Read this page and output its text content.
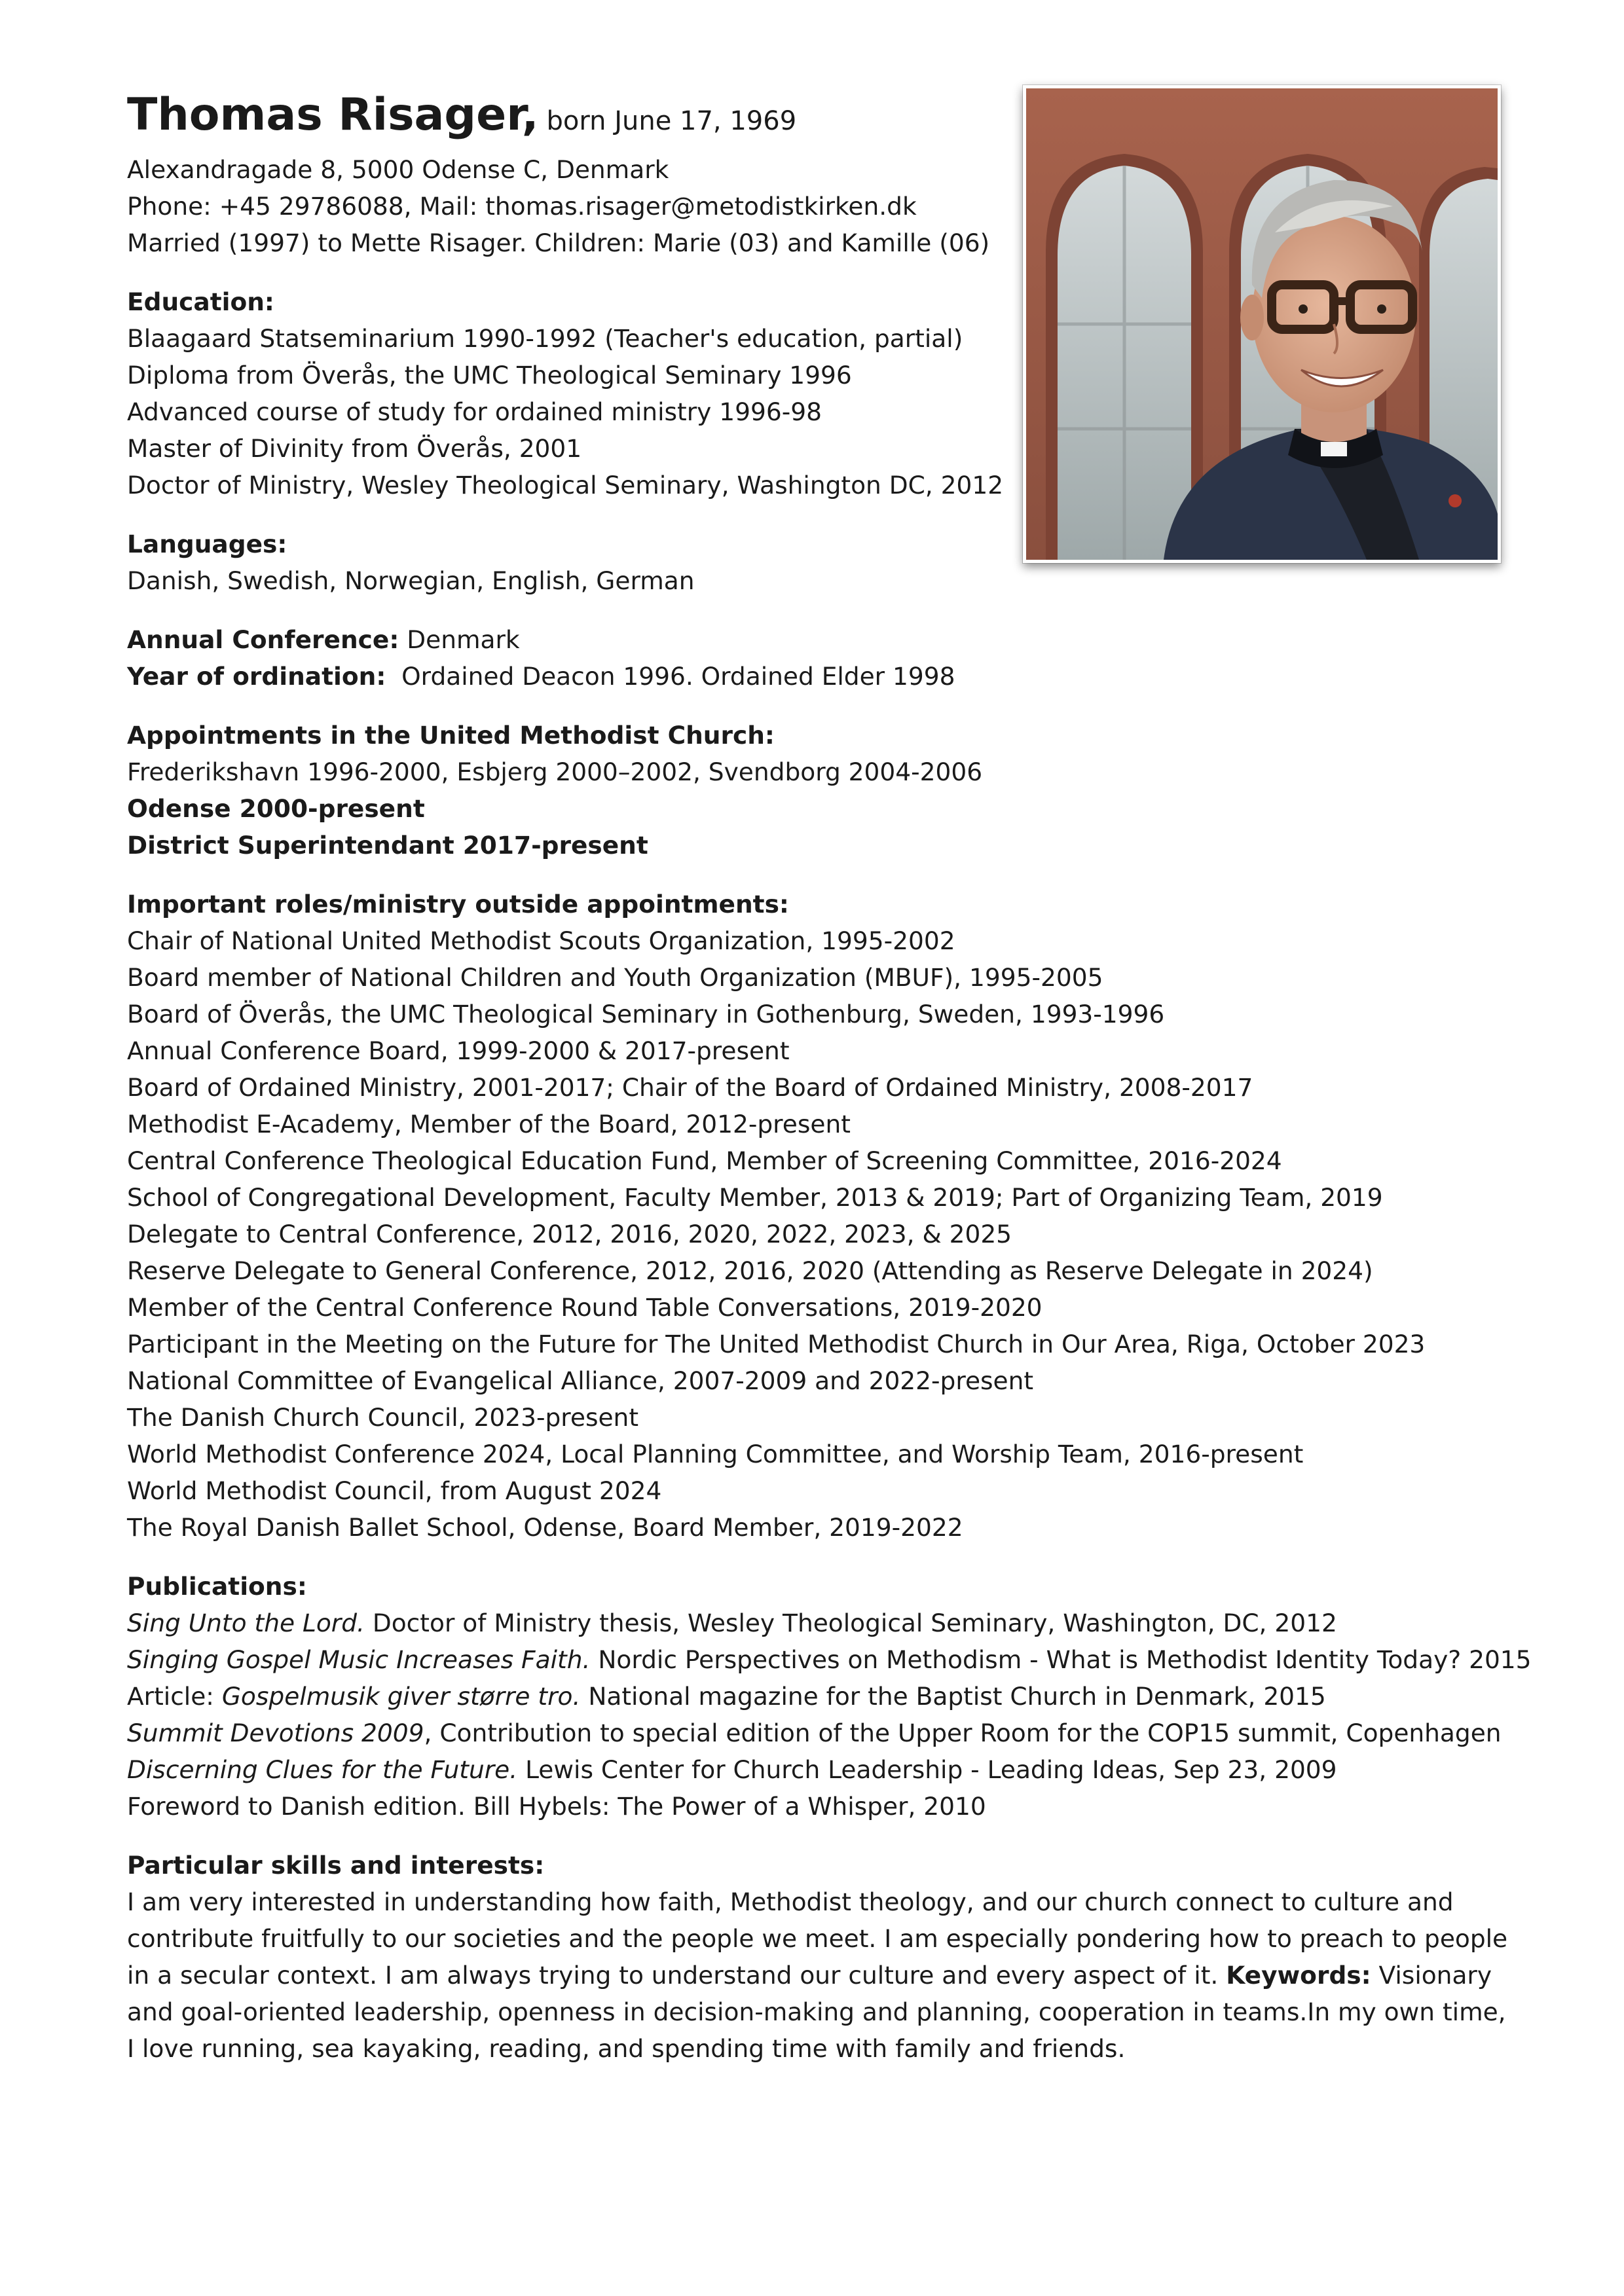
Thomas Risager, born June 17, 1969
Alexandragade 8, 5000 Odense C, Denmark
Phone: +45 29786088, Mail: thomas.risager@metodistkirken.dk
Married (1997) to Mette Risager. Children: Marie (03) and Kamille (06)
Education:
Blaagaard Statseminarium 1990-1992 (Teacher's education, partial)
Diploma from Överås, the UMC Theological Seminary 1996
Advanced course of study for ordained ministry 1996-98
Master of Divinity from Överås, 2001
Doctor of Ministry, Wesley Theological Seminary, Washington DC, 2012
Languages:
Danish, Swedish, Norwegian, English, German
Annual Conference: Denmark
Year of ordination:  Ordained Deacon 1996. Ordained Elder 1998
Appointments in the United Methodist Church:
Frederikshavn 1996-2000, Esbjerg 2000–2002, Svendborg 2004-2006
Odense 2000-present
District Superintendant 2017-present
Important roles/ministry outside appointments:
Chair of National United Methodist Scouts Organization, 1995-2002
Board member of National Children and Youth Organization (MBUF), 1995-2005
Board of Överås, the UMC Theological Seminary in Gothenburg, Sweden, 1993-1996
Annual Conference Board, 1999-2000 & 2017-present
Board of Ordained Ministry, 2001-2017; Chair of the Board of Ordained Ministry, 2008-2017
Methodist E-Academy, Member of the Board, 2012-present
Central Conference Theological Education Fund, Member of Screening Committee, 2016-2024
School of Congregational Development, Faculty Member, 2013 & 2019; Part of Organizing Team, 2019
Delegate to Central Conference, 2012, 2016, 2020, 2022, 2023, & 2025
Reserve Delegate to General Conference, 2012, 2016, 2020 (Attending as Reserve Delegate in 2024)
Member of the Central Conference Round Table Conversations, 2019-2020
Participant in the Meeting on the Future for The United Methodist Church in Our Area, Riga, October 2023
National Committee of Evangelical Alliance, 2007-2009 and 2022-present
The Danish Church Council, 2023-present
World Methodist Conference 2024, Local Planning Committee, and Worship Team, 2016-present
World Methodist Council, from August 2024
The Royal Danish Ballet School, Odense, Board Member, 2019-2022
Publications:
Sing Unto the Lord. Doctor of Ministry thesis, Wesley Theological Seminary, Washington, DC, 2012
Singing Gospel Music Increases Faith. Nordic Perspectives on Methodism - What is Methodist Identity Today? 2015
Article: Gospelmusik giver større tro. National magazine for the Baptist Church in Denmark, 2015
Summit Devotions 2009, Contribution to special edition of the Upper Room for the COP15 summit, Copenhagen
Discerning Clues for the Future. Lewis Center for Church Leadership - Leading Ideas, Sep 23, 2009
Foreword to Danish edition. Bill Hybels: The Power of a Whisper, 2010
Particular skills and interests:
I am very interested in understanding how faith, Methodist theology, and our church connect to culture and contribute fruitfully to our societies and the people we meet. I am especially pondering how to preach to people in a secular context. I am always trying to understand our culture and every aspect of it. Keywords: Visionary and goal-oriented leadership, openness in decision-making and planning, cooperation in teams.In my own time, I love running, sea kayaking, reading, and spending time with family and friends.
